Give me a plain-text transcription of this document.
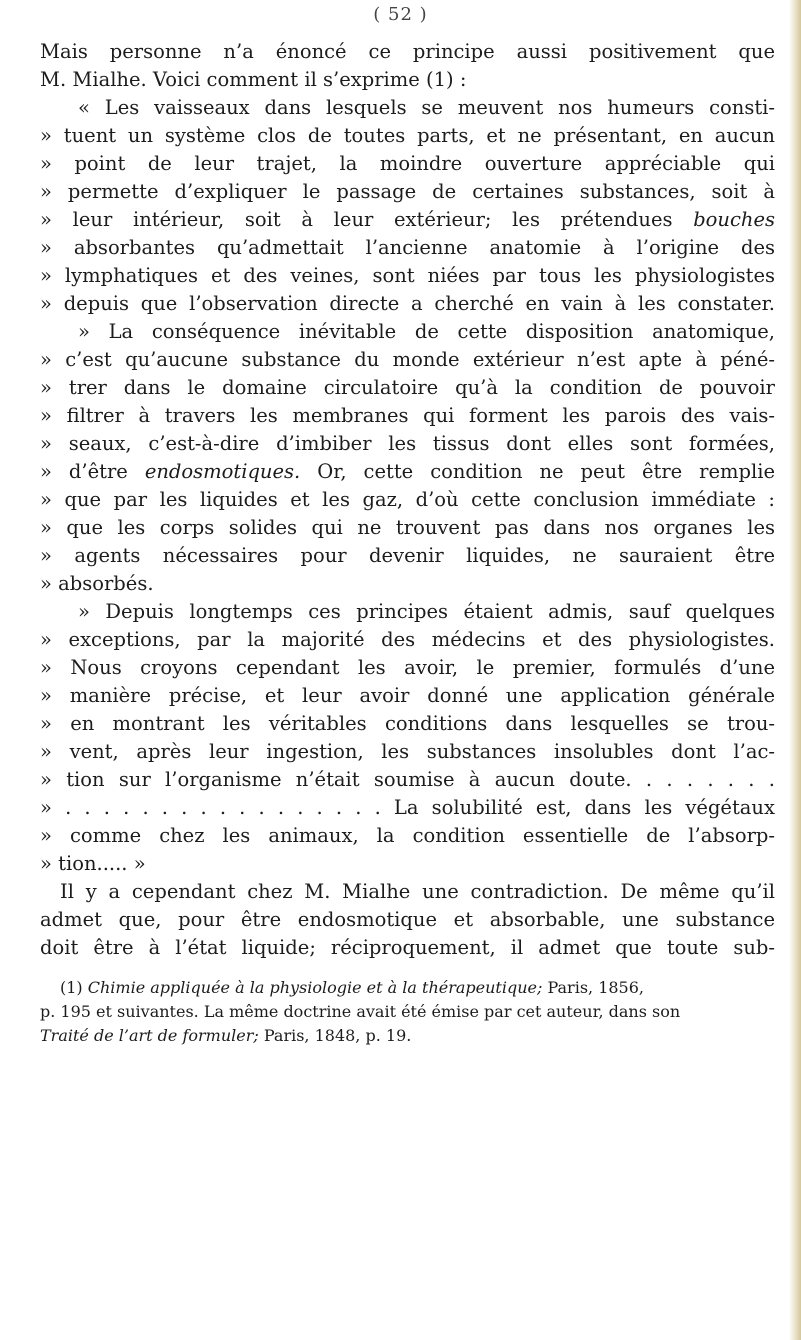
( 52 )
Mais personne n’a énoncé ce principe aussi positivement que
M. Mialhe. Voici comment il s’exprime (1) :
« Les vaisseaux dans lesquels se meuvent nos humeurs consti-
» tuent un système clos de toutes parts, et ne présentant, en aucun
» point de leur trajet, la moindre ouverture appréciable qui
» permette d’expliquer le passage de certaines substances, soit à
» leur intérieur, soit à leur extérieur; les prétendues bouches
» absorbantes qu’admettait l’ancienne anatomie à l’origine des
» lymphatiques et des veines, sont niées par tous les physiologistes
» depuis que l’observation directe a cherché en vain à les constater.
» La conséquence inévitable de cette disposition anatomique,
» c’est qu’aucune substance du monde extérieur n’est apte à péné-
» trer dans le domaine circulatoire qu’à la condition de pouvoir
» filtrer à travers les membranes qui forment les parois des vais-
» seaux, c’est-à-dire d’imbiber les tissus dont elles sont formées,
» d’être endosmotiques. Or, cette condition ne peut être remplie
» que par les liquides et les gaz, d’où cette conclusion immédiate :
» que les corps solides qui ne trouvent pas dans nos organes les
» agents nécessaires pour devenir liquides, ne sauraient être
» absorbés.
» Depuis longtemps ces principes étaient admis, sauf quelques
» exceptions, par la majorité des médecins et des physiologistes.
» Nous croyons cependant les avoir, le premier, formulés d’une
» manière précise, et leur avoir donné une application générale
» en montrant les véritables conditions dans lesquelles se trou-
» vent, après leur ingestion, les substances insolubles dont l’ac-
» tion sur l’organisme n’était soumise à aucun doute. . . . . . . .
» . . . . . . . . . . . . . . . . . La solubilité est, dans les végétaux
» comme chez les animaux, la condition essentielle de l’absorp-
» tion..... »
Il y a cependant chez M. Mialhe une contradiction. De même qu’il
admet que, pour être endosmotique et absorbable, une substance
doit être à l’état liquide; réciproquement, il admet que toute sub-
(1) Chimie appliquée à la physiologie et à la thérapeutique; Paris, 1856,
p. 195 et suivantes. La même doctrine avait été émise par cet auteur, dans son
Traité de l’art de formuler; Paris, 1848, p. 19.
